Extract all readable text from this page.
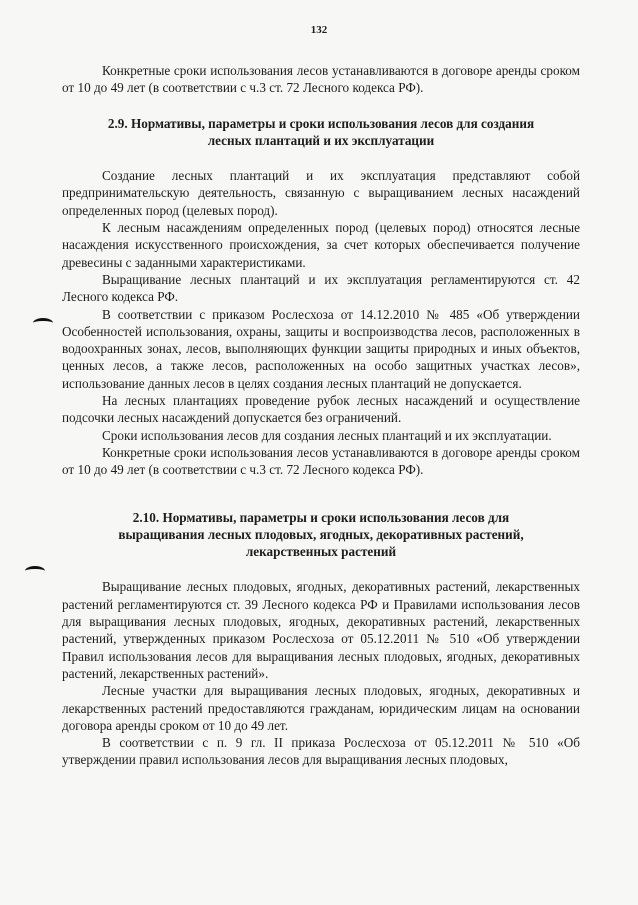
132

Конкретные сроки использования лесов устанавливаются в договоре аренды сроком от 10 до 49 лет (в соответствии с ч.3 ст. 72 Лесного кодекса РФ).

2.9. Нормативы, параметры и сроки использования лесов для создания
лесных плантаций и их эксплуатации

Создание лесных плантаций и их эксплуатация представляют собой предпринимательскую деятельность, связанную с выращиванием лесных насаждений определенных пород (целевых пород).

К лесным насаждениям определенных пород (целевых пород) относятся лесные насаждения искусственного происхождения, за счет которых обеспечивается получение древесины с заданными характеристиками.

Выращивание лесных плантаций и их эксплуатация регламентируются ст. 42 Лесного кодекса РФ.

В соответствии с приказом Рослесхоза от 14.12.2010 № 485 «Об утверждении Особенностей использования, охраны, защиты и воспроизводства лесов, расположенных в водоохранных зонах, лесов, выполняющих функции защиты природных и иных объектов, ценных лесов, а также лесов, расположенных на особо защитных участках лесов», использование данных лесов в целях создания лесных плантаций не допускается.

На лесных плантациях проведение рубок лесных насаждений и осуществление подсочки лесных насаждений допускается без ограничений.

Сроки использования лесов для создания лесных плантаций и их эксплуатации.

Конкретные сроки использования лесов устанавливаются в договоре аренды сроком от 10 до 49 лет (в соответствии с ч.3 ст. 72 Лесного кодекса РФ).

2.10. Нормативы, параметры и сроки использования лесов для
выращивания лесных плодовых, ягодных, декоративных растений,
лекарственных растений

Выращивание лесных плодовых, ягодных, декоративных растений, лекарственных растений регламентируются ст. 39 Лесного кодекса РФ и Правилами использования лесов для выращивания лесных плодовых, ягодных, декоративных растений, лекарственных растений, утвержденных приказом Рослесхоза от 05.12.2011 № 510 «Об утверждении Правил использования лесов для выращивания лесных плодовых, ягодных, декоративных растений, лекарственных растений».

Лесные участки для выращивания лесных плодовых, ягодных, декоративных и лекарственных растений предоставляются гражданам, юридическим лицам на основании договора аренды сроком от 10 до 49 лет.

В соответствии с п. 9 гл. II приказа Рослесхоза от 05.12.2011 № 510 «Об утверждении правил использования лесов для выращивания лесных плодовых,
